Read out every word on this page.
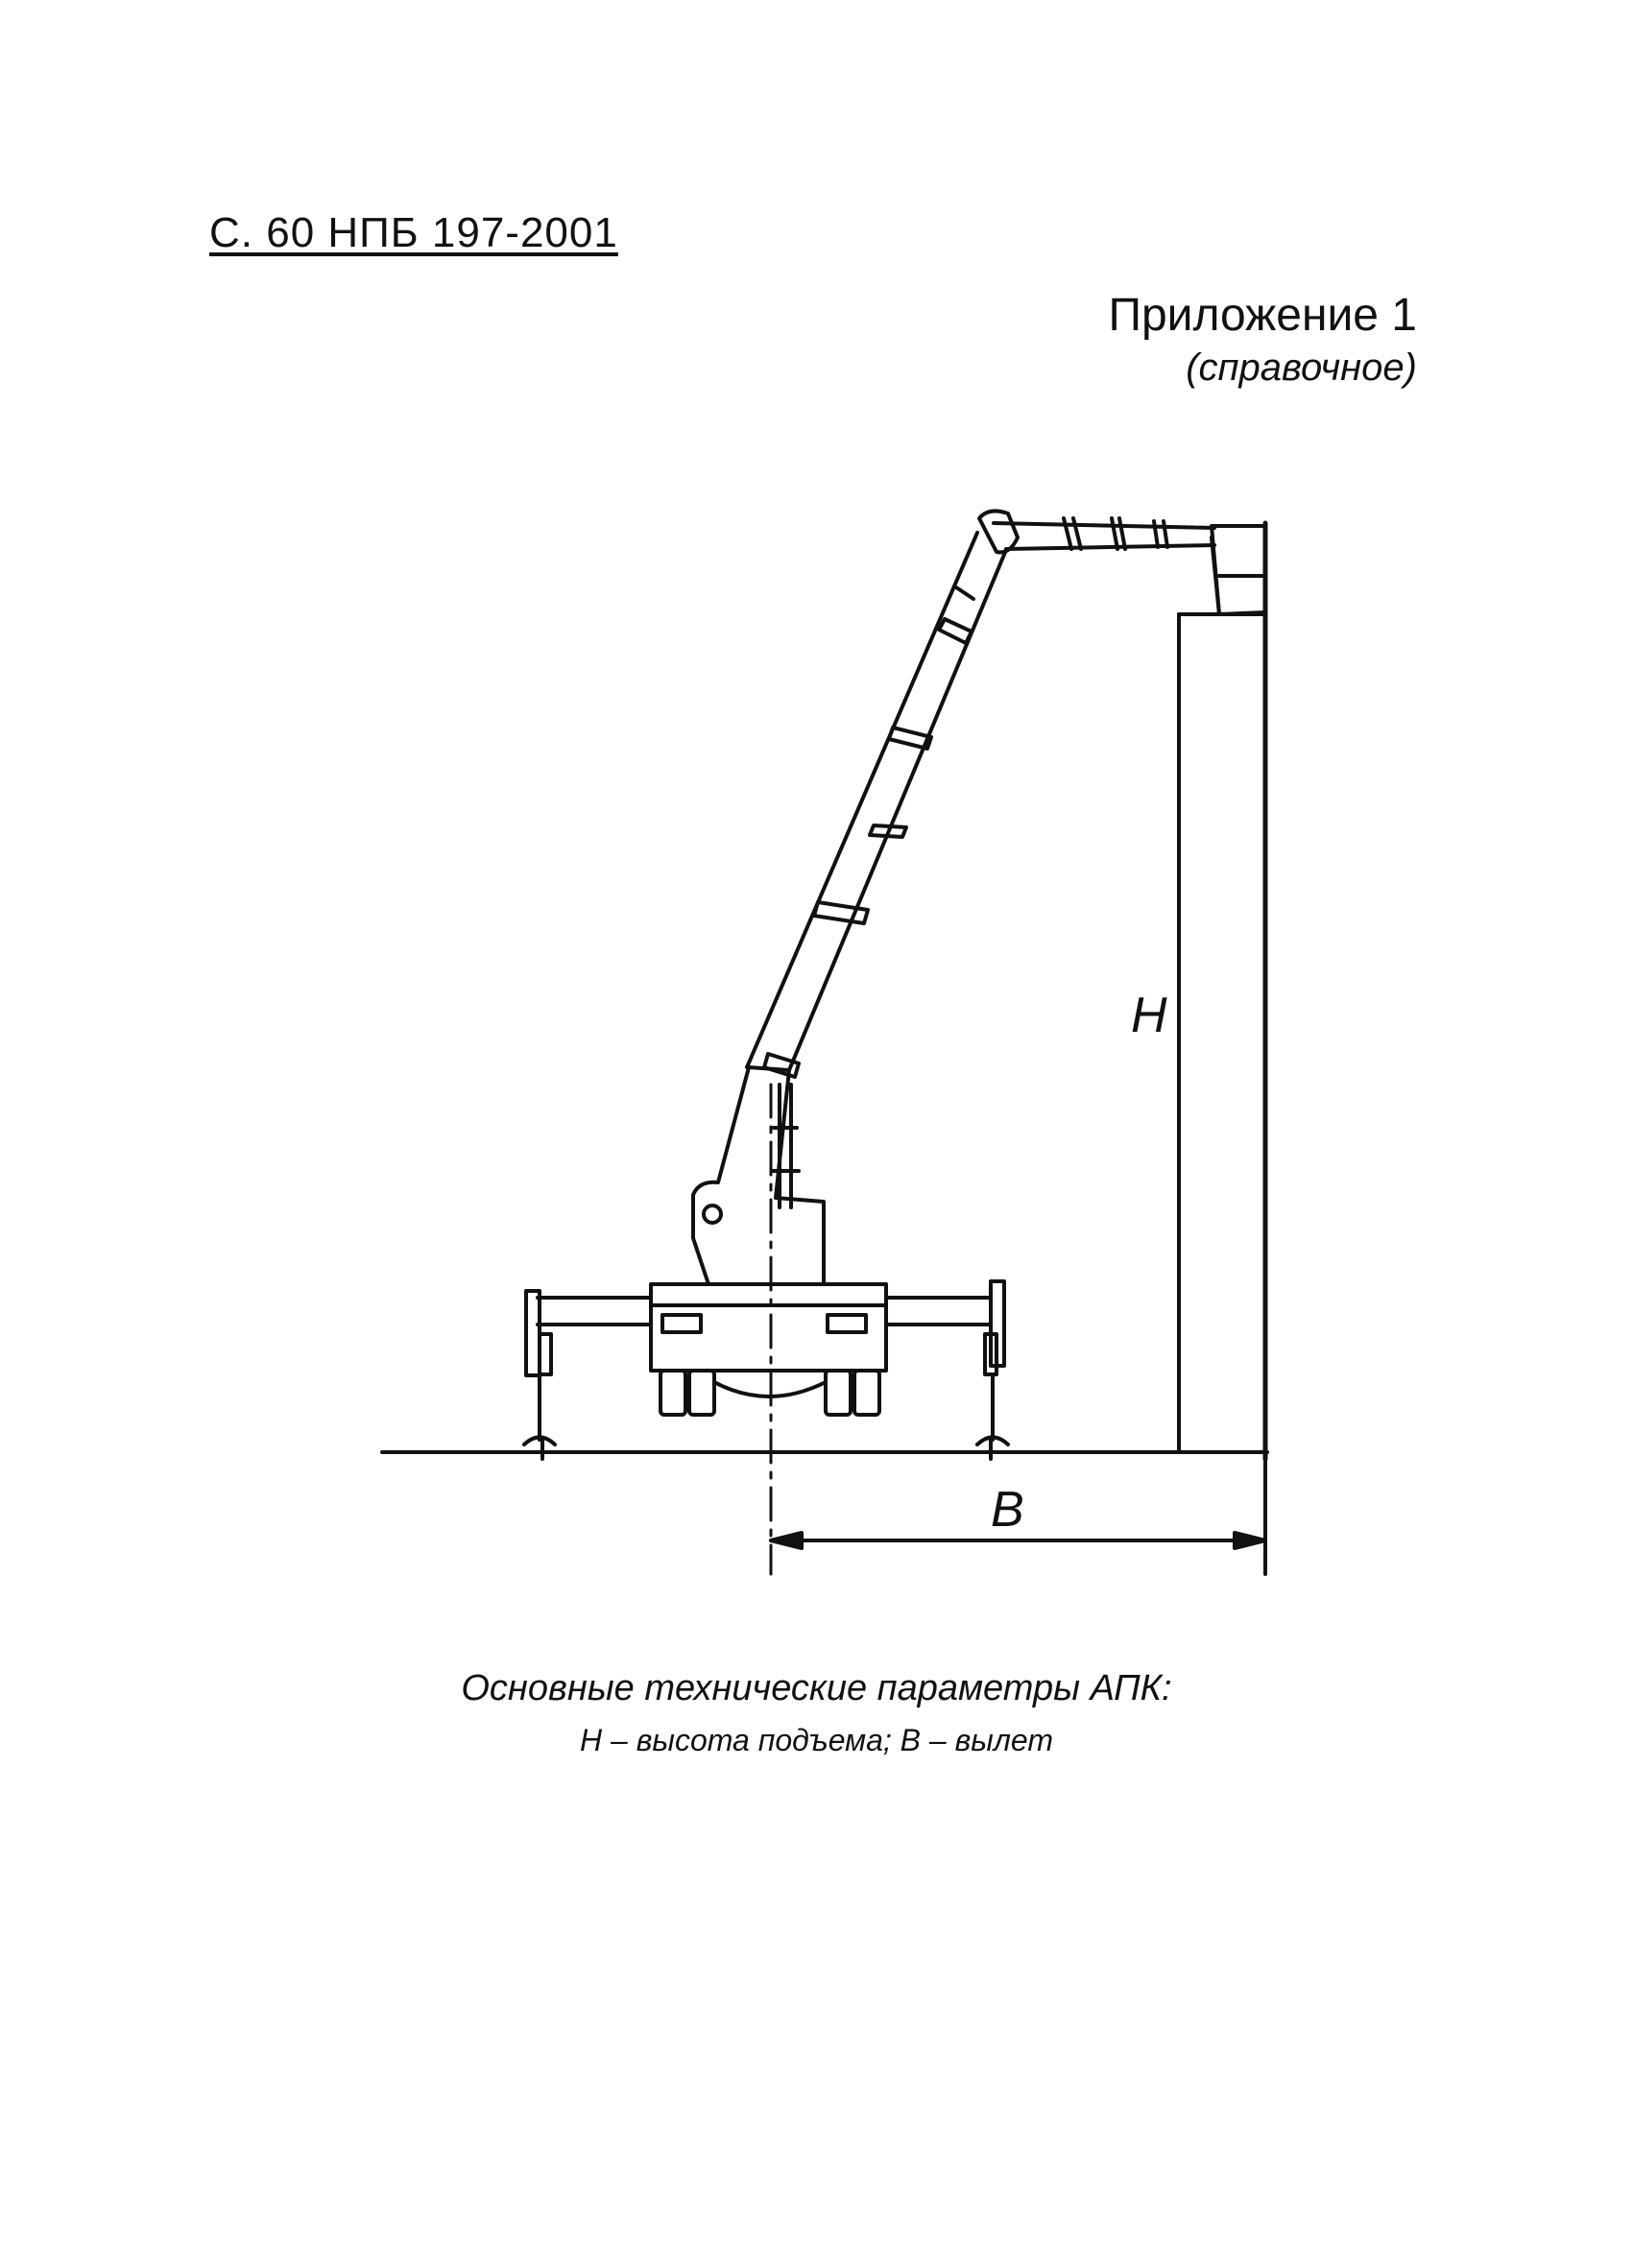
С. 60 НПБ 197-2001
Приложение 1
(справочное)
H
B
Основные технические параметры АПК:
H – высота подъема; B – вылет
